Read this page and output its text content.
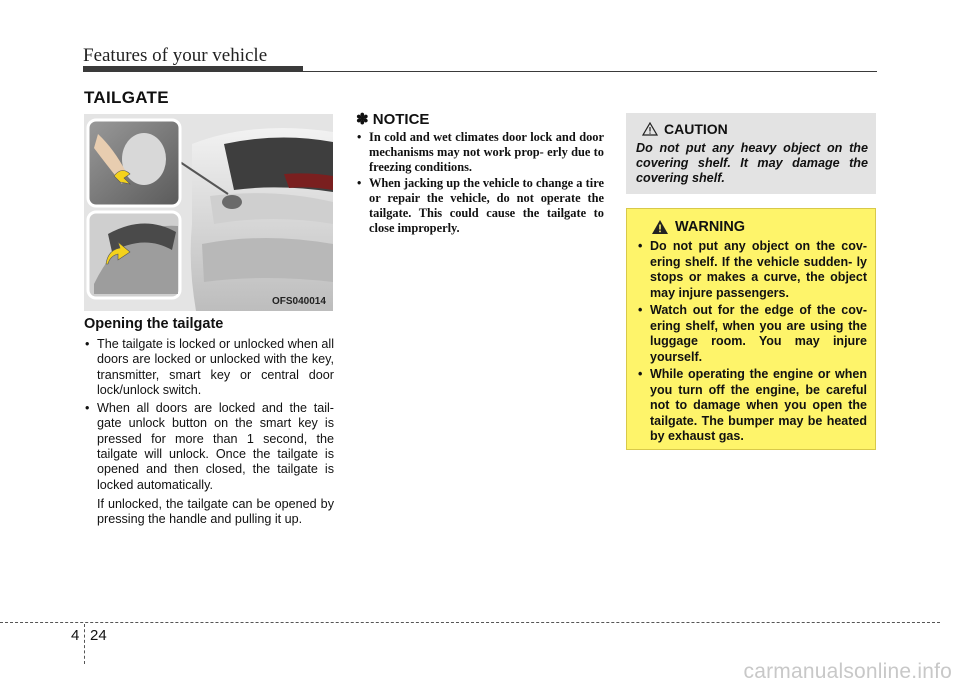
Features of your vehicle
TAILGATE
OFS040014
Opening the tailgate
• The tailgate is locked or unlocked when all doors are locked or unlocked with the key, transmitter, smart key or central door lock/unlock switch.
• When all doors are locked and the tail- gate unlock button on the smart key is pressed for more than 1 second, the tailgate will unlock. Once the tailgate is opened and then closed, the tailgate is locked automatically.
If unlocked, the tailgate can be opened by pressing the handle and pulling it up.
✽ NOTICE
• In cold and wet climates door lock and door mechanisms may not work prop- erly due to freezing conditions.
• When jacking up the vehicle to change a tire or repair the vehicle, do not operate the tailgate. This could cause the tailgate to close improperly.
CAUTION
Do not put any heavy object on the covering shelf. It may damage the covering shelf.
WARNING
• Do not put any object on the cov- ering shelf. If the vehicle sudden- ly stops or makes a curve, the object may injure passengers.
• Watch out for the edge of the cov- ering shelf, when you are using the luggage room. You may injure yourself.
• While operating the engine or when you turn off the engine, be careful not to damage when you open the tailgate. The bumper may be heated by exhaust gas.
4 24
carmanualsonline.info
